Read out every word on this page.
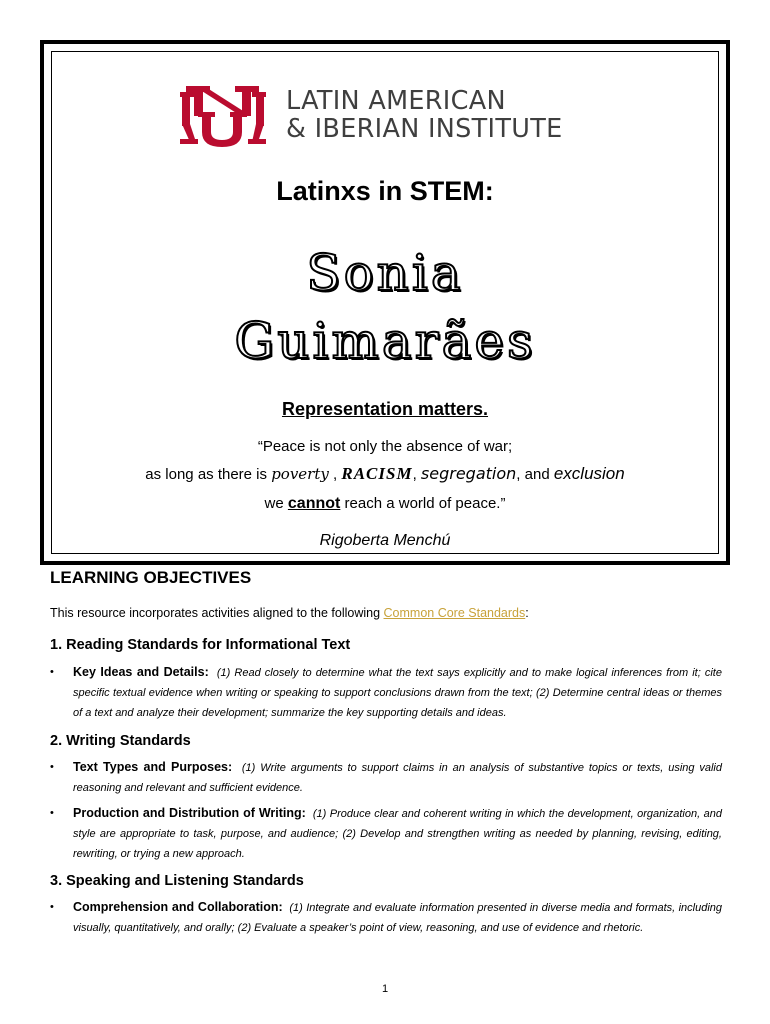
LATIN AMERICAN
& IBERIAN INSTITUTE
Latinxs in STEM:
Sonia
Guimarães
Representation matters.
“Peace is not only the absence of war;
as long as there is poverty , RACISM, segregation, and exclusion
we cannot reach a world of peace.”
Rigoberta Menchú
LEARNING OBJECTIVES
This resource incorporates activities aligned to the following Common Core Standards:
1. Reading Standards for Informational Text
• Key Ideas and Details: (1) Read closely to determine what the text says explicitly and to make logical inferences from it; cite specific textual evidence when writing or speaking to support conclusions drawn from the text; (2) Determine central ideas or themes of a text and analyze their development; summarize the key supporting details and ideas.
2. Writing Standards
• Text Types and Purposes: (1) Write arguments to support claims in an analysis of substantive topics or texts, using valid reasoning and relevant and sufficient evidence.
• Production and Distribution of Writing: (1) Produce clear and coherent writing in which the development, organization, and style are appropriate to task, purpose, and audience; (2) Develop and strengthen writing as needed by planning, revising, editing, rewriting, or trying a new approach.
3. Speaking and Listening Standards
• Comprehension and Collaboration: (1) Integrate and evaluate information presented in diverse media and formats, including visually, quantitatively, and orally; (2) Evaluate a speaker’s point of view, reasoning, and use of evidence and rhetoric.
1
